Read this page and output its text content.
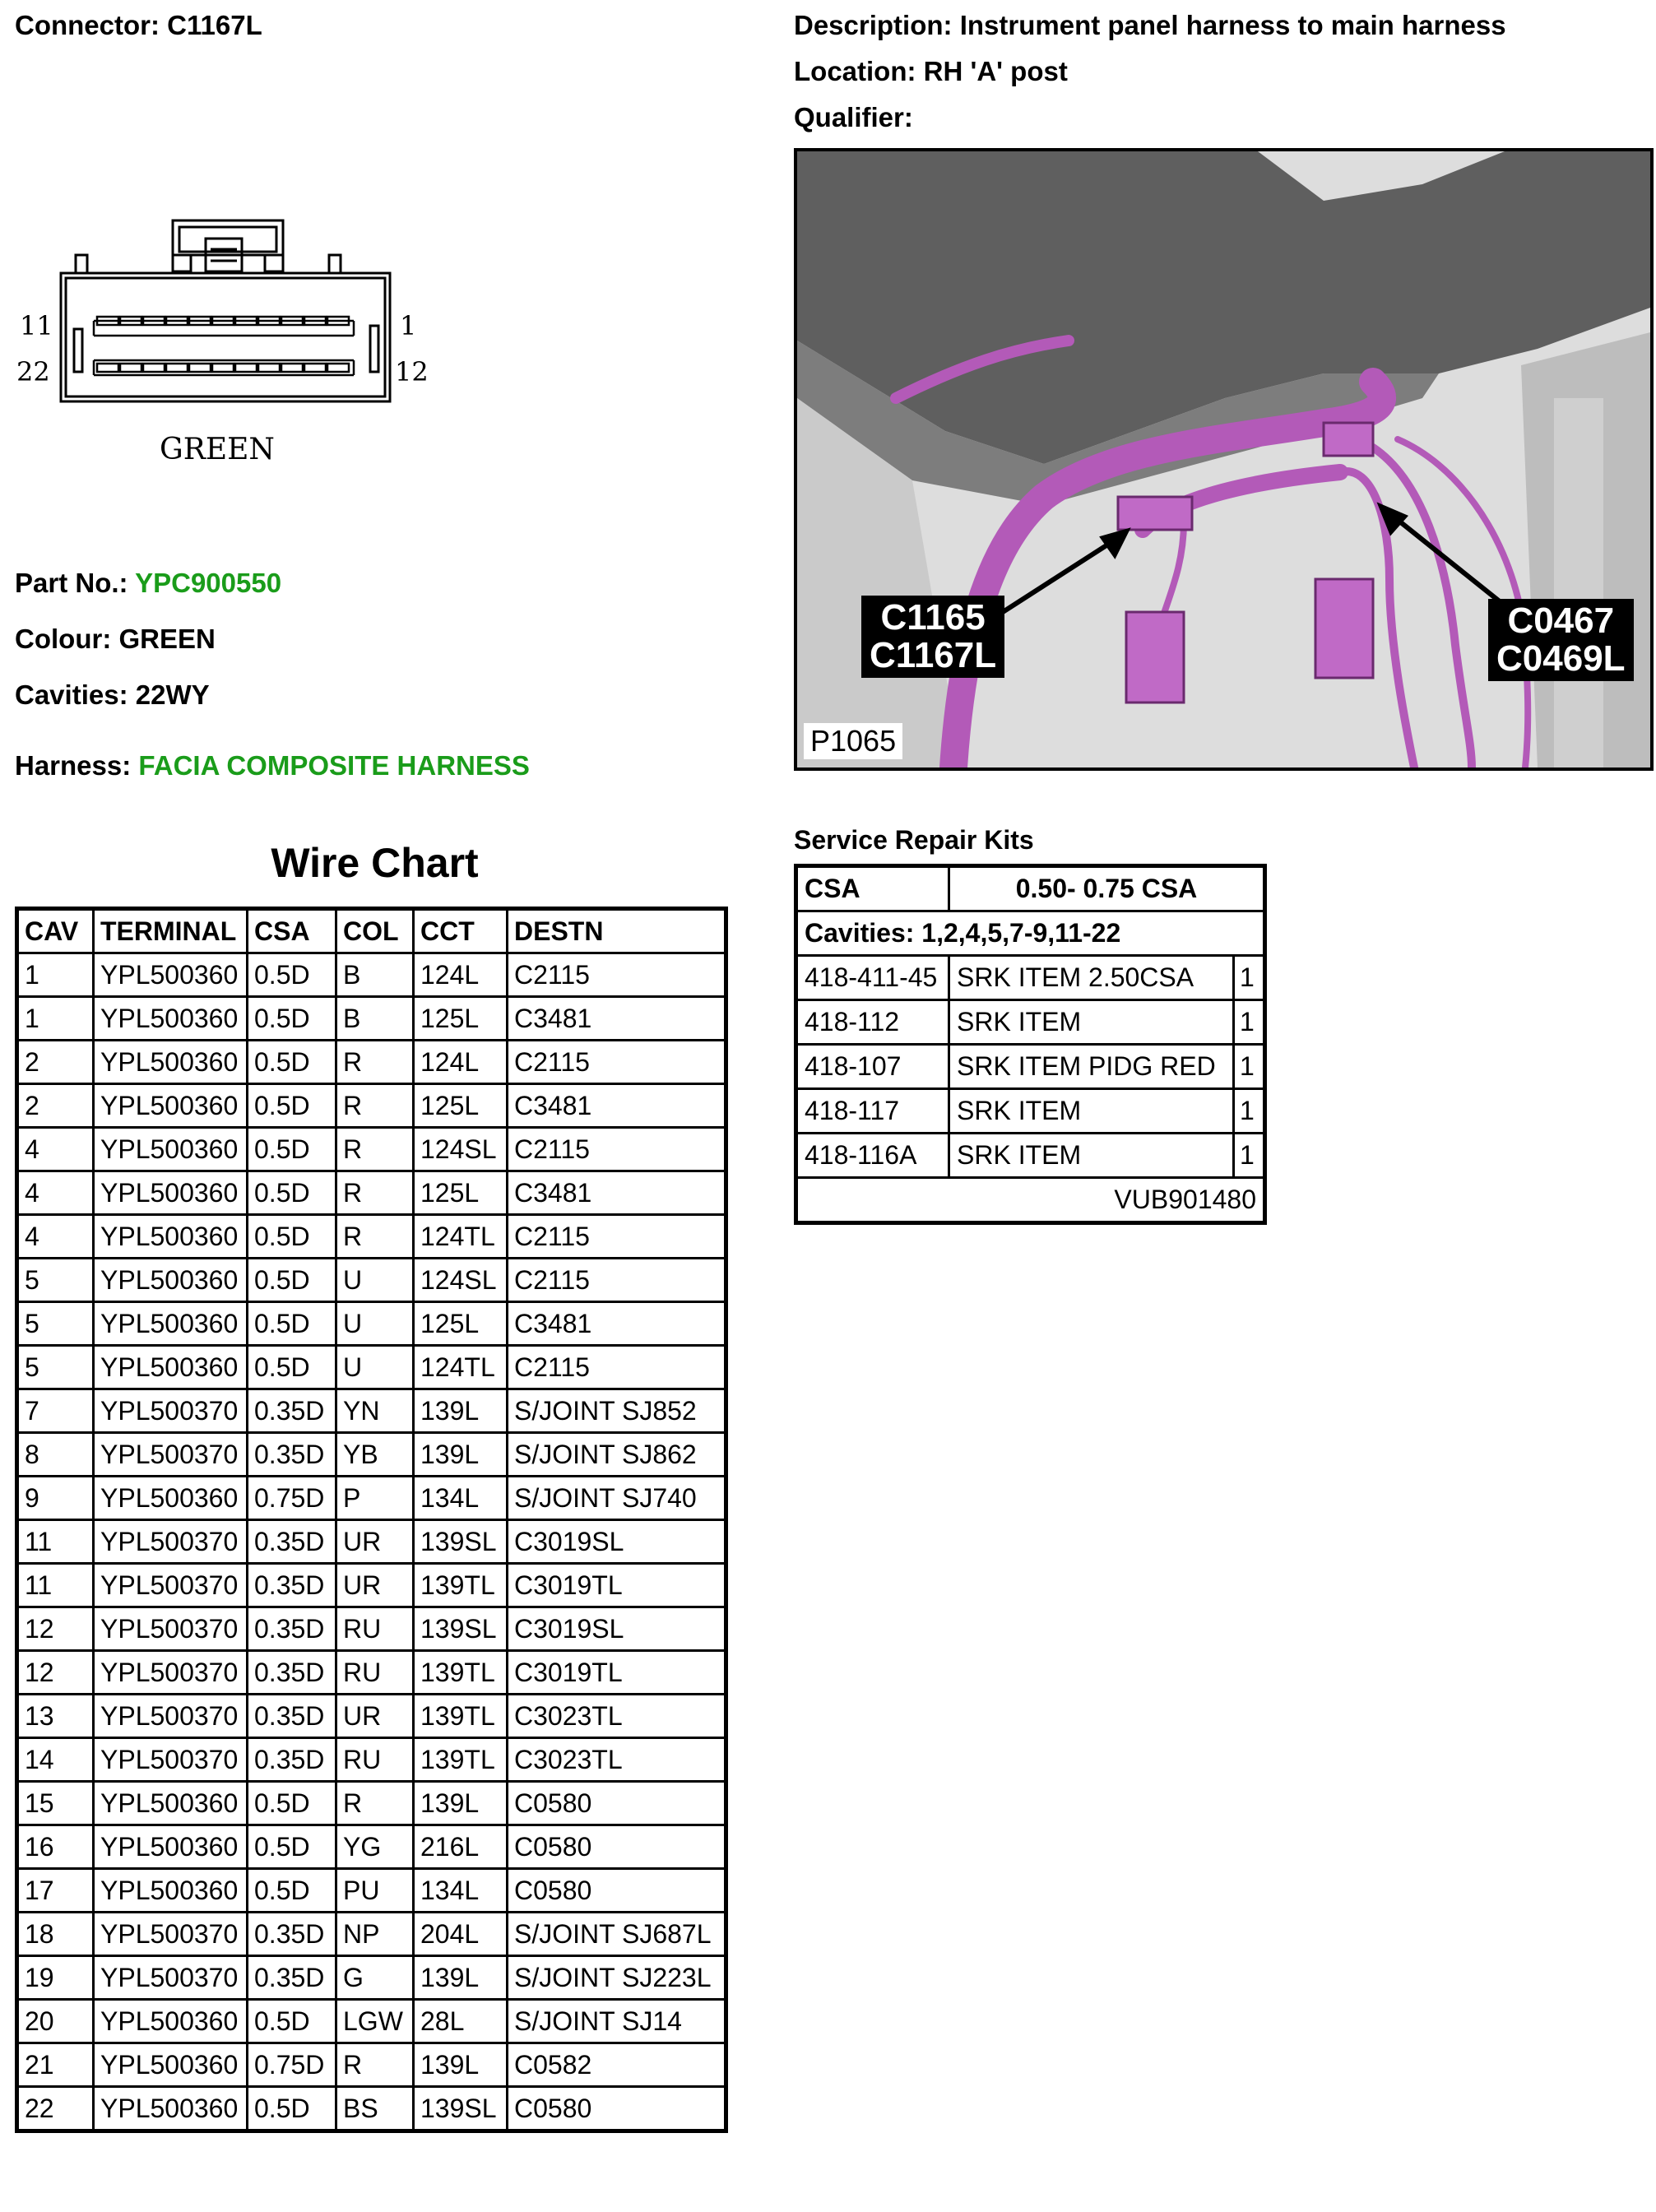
Connector: C1167L	Description: Instrument panel harness to main harness
Location: RH 'A' post
Qualifier:
11	1
22	12
GREEN
Part No.: YPC900550
Colour: GREEN
Cavities: 22WY
Harness: FACIA COMPOSITE HARNESS
C1165
C1167L
C0467
C0469L
P1065
Wire Chart
CAV	TERMINAL	CSA	COL	CCT	DESTN
1	YPL500360	0.5D	B	124L	C2115
1	YPL500360	0.5D	B	125L	C3481
2	YPL500360	0.5D	R	124L	C2115
2	YPL500360	0.5D	R	125L	C3481
4	YPL500360	0.5D	R	124SL	C2115
4	YPL500360	0.5D	R	125L	C3481
4	YPL500360	0.5D	R	124TL	C2115
5	YPL500360	0.5D	U	124SL	C2115
5	YPL500360	0.5D	U	125L	C3481
5	YPL500360	0.5D	U	124TL	C2115
7	YPL500370	0.35D	YN	139L	S/JOINT SJ852
8	YPL500370	0.35D	YB	139L	S/JOINT SJ862
9	YPL500360	0.75D	P	134L	S/JOINT SJ740
11	YPL500370	0.35D	UR	139SL	C3019SL
11	YPL500370	0.35D	UR	139TL	C3019TL
12	YPL500370	0.35D	RU	139SL	C3019SL
12	YPL500370	0.35D	RU	139TL	C3019TL
13	YPL500370	0.35D	UR	139TL	C3023TL
14	YPL500370	0.35D	RU	139TL	C3023TL
15	YPL500360	0.5D	R	139L	C0580
16	YPL500360	0.5D	YG	216L	C0580
17	YPL500360	0.5D	PU	134L	C0580
18	YPL500370	0.35D	NP	204L	S/JOINT SJ687L
19	YPL500370	0.35D	G	139L	S/JOINT SJ223L
20	YPL500360	0.5D	LGW	28L	S/JOINT SJ14
21	YPL500360	0.75D	R	139L	C0582
22	YPL500360	0.5D	BS	139SL	C0580
Service Repair Kits
CSA	0.50- 0.75 CSA	
Cavities: 1,2,4,5,7-9,11-22		
418-411-45	SRK ITEM 2.50CSA	1
418-112	SRK ITEM	1
418-107	SRK ITEM PIDG RED	1
418-117	SRK ITEM	1
418-116A	SRK ITEM	1
VUB901480		
